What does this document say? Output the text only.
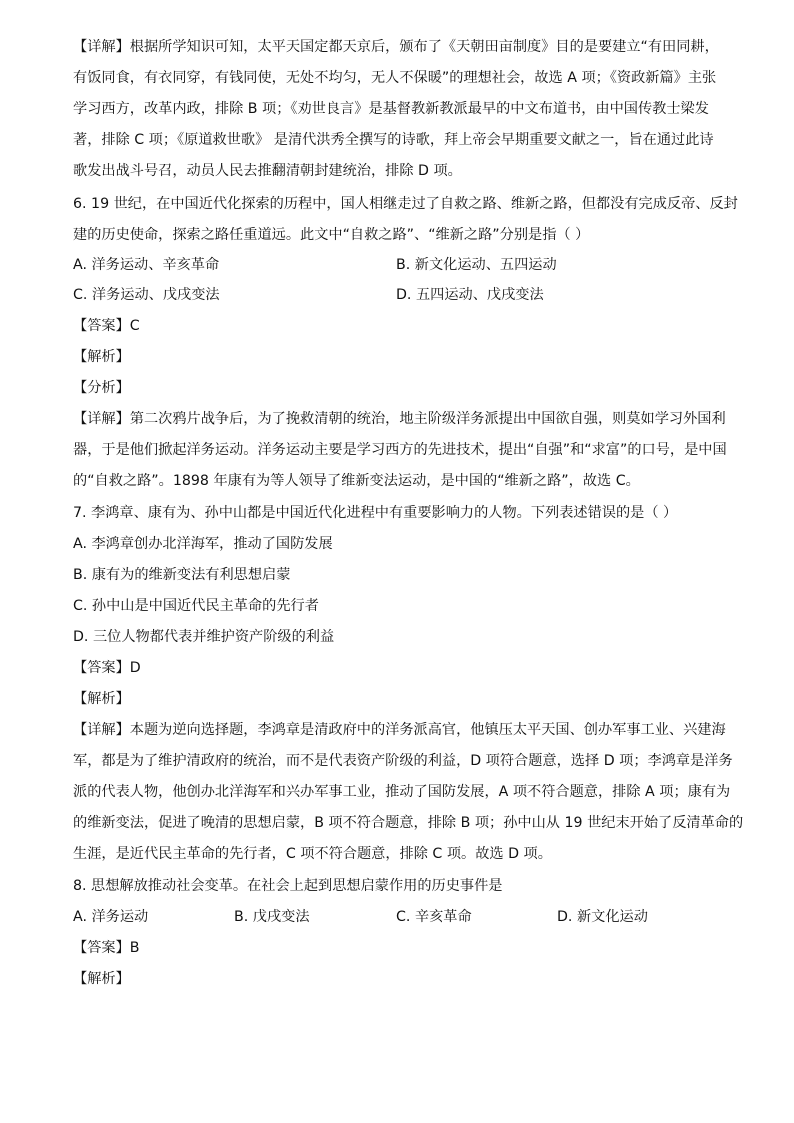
【详解】根据所学知识可知，太平天国定都天京后，颁布了《天朝田亩制度》目的是要建立“有田同耕，
有饭同食，有衣同穿，有钱同使，无处不均匀，无人不保暖”的理想社会，故选 A 项；《资政新篇》主张
学习西方，改革内政，排除 B 项；《劝世良言》是基督教新教派最早的中文布道书，由中国传教士梁发
著，排除 C 项；《原道救世歌》 是清代洪秀全撰写的诗歌，拜上帝会早期重要文献之一，旨在通过此诗
歌发出战斗号召，动员人民去推翻清朝封建统治，排除 D 项。
6. 19 世纪，在中国近代化探索的历程中，国人相继走过了自救之路、维新之路，但都没有完成反帝、反封
建的历史使命，探索之路任重道远。此文中“自救之路”、“维新之路”分别是指（ ）
A. 洋务运动、辛亥革命	B. 新文化运动、五四运动
C. 洋务运动、戊戌变法	D. 五四运动、戊戌变法
【答案】C
【解析】
【分析】
【详解】第二次鸦片战争后，为了挽救清朝的统治，地主阶级洋务派提出中国欲自强，则莫如学习外国利
器，于是他们掀起洋务运动。洋务运动主要是学习西方的先进技术，提出“自强”和“求富”的口号，是中国
的“自救之路”。1898 年康有为等人领导了维新变法运动，是中国的“维新之路”，故选 C。
7. 李鸿章、康有为、孙中山都是中国近代化进程中有重要影响力的人物。下列表述错误的是（ ）
A. 李鸿章创办北洋海军，推动了国防发展
B. 康有为的维新变法有利思想启蒙
C. 孙中山是中国近代民主革命的先行者
D. 三位人物都代表并维护资产阶级的利益
【答案】D
【解析】
【详解】本题为逆向选择题，李鸿章是清政府中的洋务派高官，他镇压太平天国、创办军事工业、兴建海
军，都是为了维护清政府的统治，而不是代表资产阶级的利益，D 项符合题意，选择 D 项；李鸿章是洋务
派的代表人物，他创办北洋海军和兴办军事工业，推动了国防发展，A 项不符合题意，排除 A 项；康有为
的维新变法，促进了晚清的思想启蒙，B 项不符合题意，排除 B 项；孙中山从 19 世纪末开始了反清革命的
生涯，是近代民主革命的先行者，C 项不符合题意，排除 C 项。故选 D 项。
8. 思想解放推动社会变革。在社会上起到思想启蒙作用的历史事件是
A. 洋务运动	B. 戊戌变法	C. 辛亥革命	D. 新文化运动
【答案】B
【解析】
